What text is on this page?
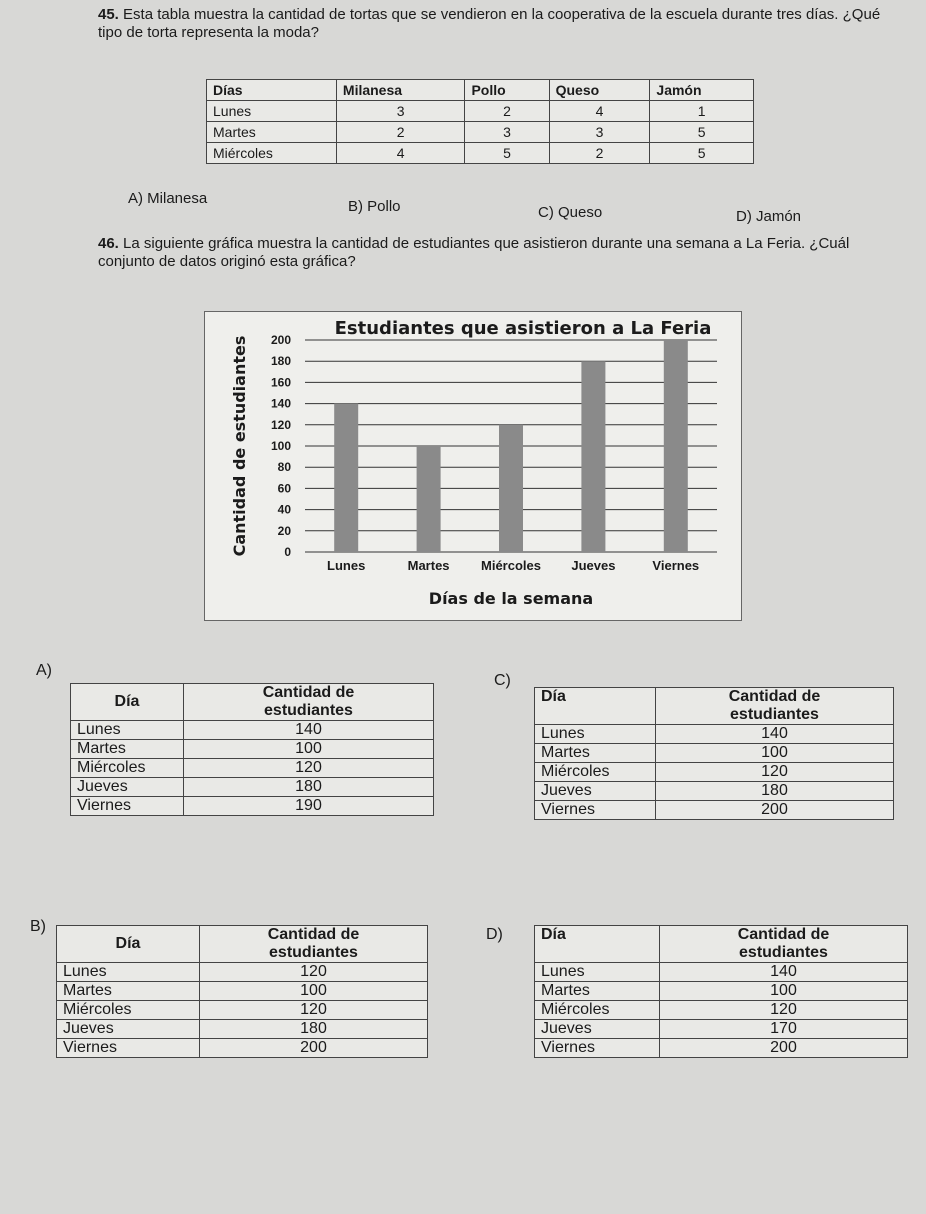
45. Esta tabla muestra la cantidad de tortas que se vendieron en la cooperativa de la escuela durante tres días. ¿Qué tipo de torta representa la moda?
Días	Milanesa	Pollo	Queso	Jamón
Lunes	3	2	4	1
Martes	2	3	3	5
Miércoles	4	5	2	5
A) Milanesa	B) Pollo	C) Queso	D) Jamón
46. La siguiente gráfica muestra la cantidad de estudiantes que asistieron durante una semana a La Feria. ¿Cuál conjunto de datos originó esta gráfica?
Estudiantes que asistieron a La Feria
0
20
40
60
80
100
120
140
160
180
200
Lunes	Martes Miércoles Jueves	Viernes
Días de la semana
Cantidad de estudiantes
A)
Día	Cantidad de
estudiantes

Lunes	140
Martes	100
Miércoles	120
Jueves	180
Viernes	190
C)
Día	Cantidad de
estudiantes

Lunes	140
Martes	100
Miércoles	120
Jueves	180
Viernes	200
B)
Día	Cantidad de
estudiantes

Lunes	120
Martes	100
Miércoles	120
Jueves	180
Viernes	200
D) Día	Cantidad de
estudiantes

Lunes	140
Martes	100
Miércoles	120
Jueves	170
Viernes	200
